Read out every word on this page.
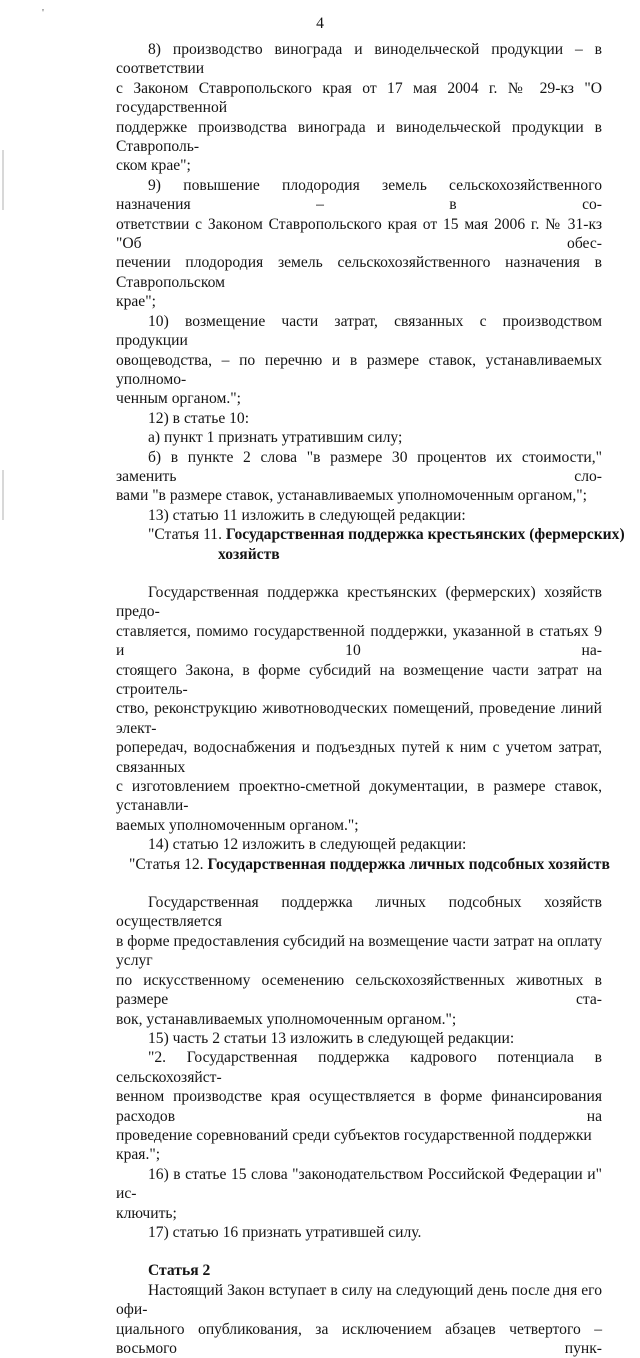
'
4

8) производство винограда и винодельческой продукции – в соответствии

с Законом Ставропольского края от 17 мая 2004 г. № 29-кз "О государственной

поддержке производства винограда и винодельческой продукции в Ставрополь-

ском крае";

9) повышение плодородия земель сельскохозяйственного назначения – в со-

ответствии с Законом Ставропольского края от 15 мая 2006 г. № 31-кз "Об обес-

печении плодородия земель сельскохозяйственного назначения в Ставропольском

крае";

10) возмещение части затрат, связанных с производством продукции

овощеводства, – по перечню и в размере ставок, устанавливаемых уполномо-

ченным органом.";

12) в статье 10:

а) пункт 1 признать утратившим силу;

б) в пункте 2 слова "в размере 30 процентов их стоимости," заменить сло-

вами "в размере ставок, устанавливаемых уполномоченным органом,";

13) статью 11 изложить в следующей редакции:

"Статья 11. Государственная поддержка крестьянских (фермерских)

хозяйств

Государственная поддержка крестьянских (фермерских) хозяйств предо-

ставляется, помимо государственной поддержки, указанной в статьях 9 и 10 на-

стоящего Закона, в форме субсидий на возмещение части затрат на строитель-

ство, реконструкцию животноводческих помещений, проведение линий элект-

ропередач, водоснабжения и подъездных путей к ним с учетом затрат, связанных

с изготовлением проектно-сметной документации, в размере ставок, устанавли-

ваемых уполномоченным органом.";

14) статью 12 изложить в следующей редакции:

"Статья 12. Государственная поддержка личных подсобных хозяйств

Государственная поддержка личных подсобных хозяйств осуществляется

в форме предоставления субсидий на возмещение части затрат на оплату услуг

по искусственному осеменению сельскохозяйственных животных в размере ста-

вок, устанавливаемых уполномоченным органом.";

15) часть 2 статьи 13 изложить в следующей редакции:

"2. Государственная поддержка кадрового потенциала в сельскохозяйст-

венном производстве края осуществляется в форме финансирования расходов на

проведение соревнований среди субъектов государственной поддержки края.";

16) в статье 15 слова "законодательством Российской Федерации и" ис-

ключить;

17) статью 16 признать утратившей силу.

Статья 2

Настоящий Закон вступает в силу на следующий день после дня его офи-

циального опубликования, за исключением абзацев четвертого – восьмого пунк-
